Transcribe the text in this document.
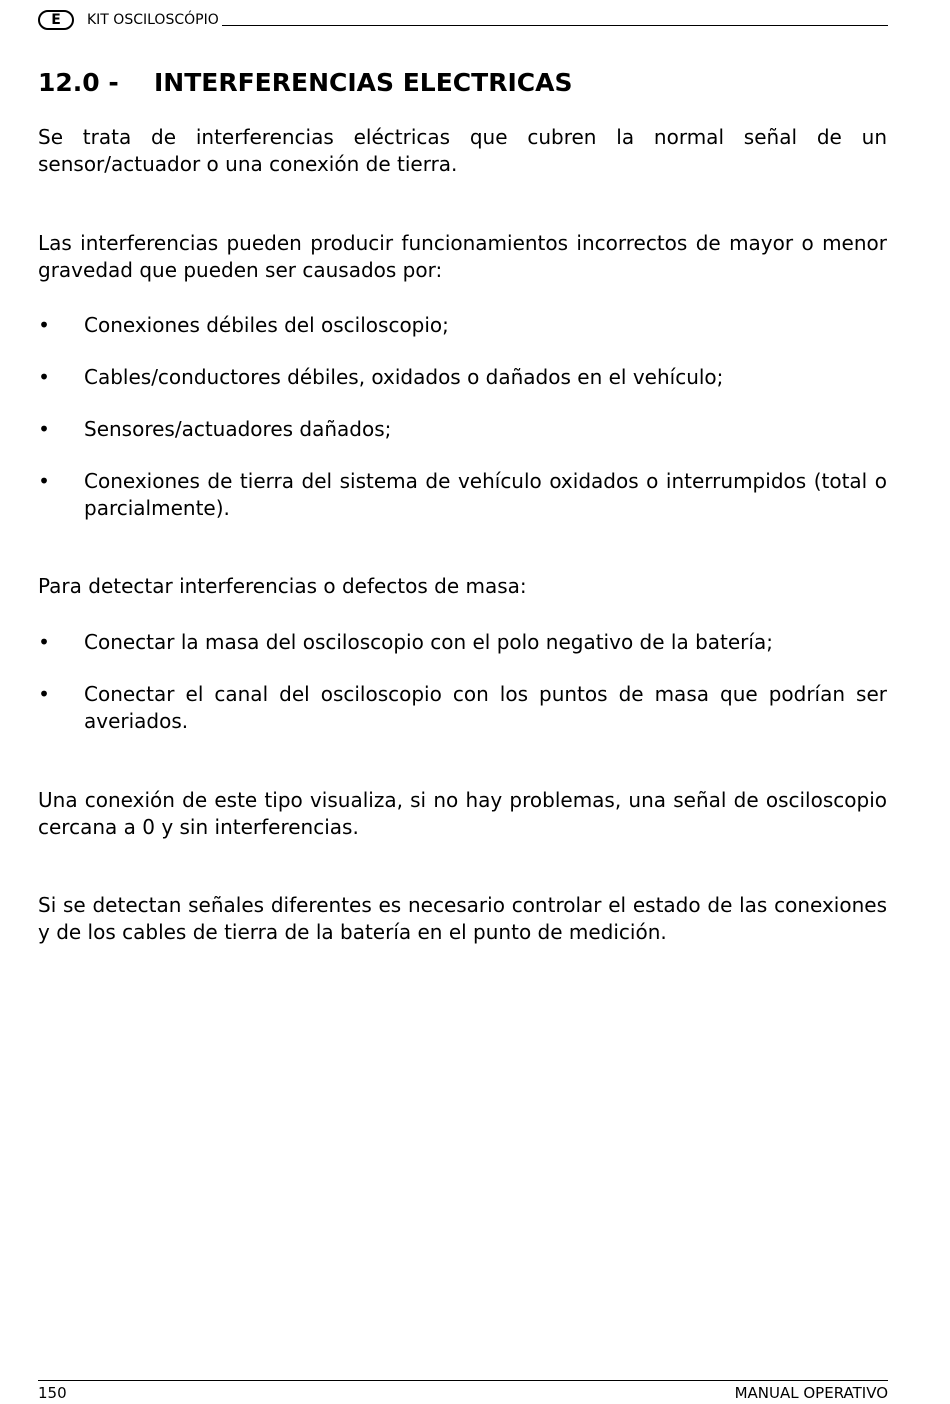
E	KIT OSCILOSCÓPIO
12.0 - INTERFERENCIAS ELECTRICAS

Se trata de interferencias eléctricas que cubren la normal señal de un sensor/actuador o una conexión de tierra.

Las interferencias pueden producir funcionamientos incorrectos de mayor o menor gravedad que pueden ser causados por:

• Conexiones débiles del osciloscopio;
• Cables/conductores débiles, oxidados o dañados en el vehículo;
• Sensores/actuadores dañados;
• Conexiones de tierra del sistema de vehículo oxidados o interrumpidos (total o parcialmente).

Para detectar interferencias o defectos de masa:

• Conectar la masa del osciloscopio con el polo negativo de la batería;
• Conectar el canal del osciloscopio con los puntos de masa que podrían ser averiados.

Una conexión de este tipo visualiza, si no hay problemas, una señal de osciloscopio cercana a 0 y sin interferencias.

Si se detectan señales diferentes es necesario controlar el estado de las conexiones y de los cables de tierra de la batería en el punto de medición.

150	MANUAL OPERATIVO
